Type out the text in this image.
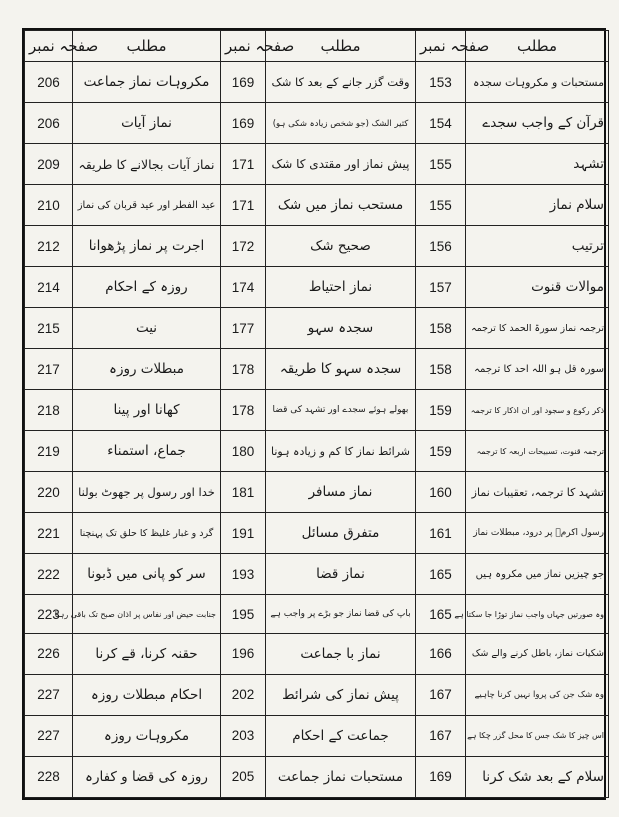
صفحہ نمبر	مطلب	صفحہ نمبر	مطلب	صفحہ نمبر	مطلب
206	مکروہات نماز جماعت	169	وقت گزر جانے کے بعد کا شک	153	مستحبات و مکروہات سجدہ
206	نماز آیات	169	کثیر الشک (جو شخص زیادہ شکی ہو)	154	قرآن کے واجب سجدے
209	نماز آیات بجالانے کا طریقہ	171	پیش نماز اور مقتدی کا شک	155	تشہد
210	عید الفطر اور عید قربان کی نماز	171	مستحب نماز میں شک	155	سلام نماز
212	اجرت پر نماز پڑھوانا	172	صحیح شک	156	ترتیب
214	روزہ کے احکام	174	نماز احتیاط	157	موالات قنوت
215	نیت	177	سجدہ سہو	158	ترجمہ نماز سورۃ الحمد کا ترجمہ
217	مبطلات روزہ	178	سجدہ سہو کا طریقہ	158	سورہ قل ہو اللہ احد کا ترجمہ
218	کھانا اور پینا	178	بھولے ہوئے سجدے اور تشہد کی قضا	159	ذکر رکوع و سجود اور ان اذکار کا ترجمہ
219	جماع، استمناء	180	شرائط نماز کا کم و زیادہ ہونا	159	ترجمہ قنوت، تسبیحات اربعہ کا ترجمہ
220	خدا اور رسول پر جھوٹ بولنا	181	نماز مسافر	160	تشہد کا ترجمہ، تعقیبات نماز
221	گرد و غبار غلیظ کا حلق تک پہنچنا	191	متفرق مسائل	161	رسول اکرمؐ پر درود، مبطلات نماز
222	سر کو پانی میں ڈبونا	193	نماز قضا	165	جو چیزیں نماز میں مکروہ ہیں
223	جنابت حیض اور نفاس پر اذان صبح تک باقی رہنا	195	باپ کی قضا نماز جو بڑے پر واجب ہے	165	وہ صورتیں جہاں واجب نماز توڑا جا سکتا ہے
226	حقنہ کرنا، قے کرنا	196	نماز با جماعت	166	شکیات نماز، باطل کرنے والے شک
227	احکام مبطلات روزہ	202	پیش نماز کی شرائط	167	وہ شک جن کی پروا نہیں کرنا چاہیے
227	مکروہات روزہ	203	جماعت کے احکام	167	اس چیز کا شک جس کا محل گزر چکا ہے
228	روزہ کی قضا و کفارہ	205	مستحبات نماز جماعت	169	سلام کے بعد شک کرنا
